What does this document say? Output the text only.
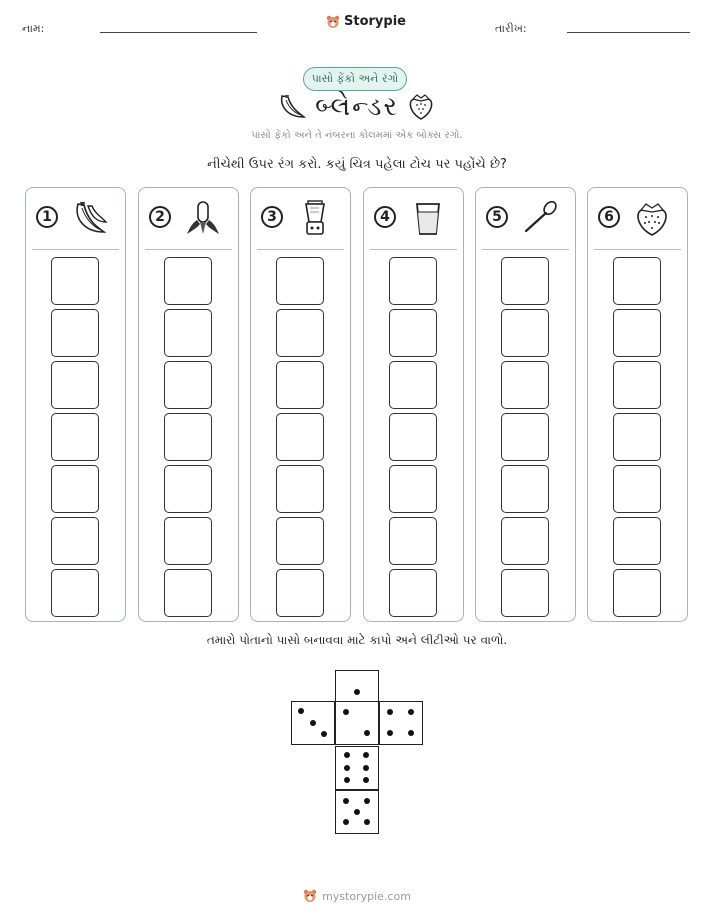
નામ:	Storypie	તારીખ:
પાસો ફેંકો અને રંગો
બ્લેન્ડર
પાસો ફેંકો અને તે નંબરના કોલમમાં એક બોક્સ રંગો.
નીચેથી ઉપર રંગ કરો. કયું ચિત્ર પહેલા ટોચ પર પહોંચે છે?
1	2	3	4	5	6
તમારો પોતાનો પાસો બનાવવા માટે કાપો અને લીટીઓ પર વાળો.
mystorypie.com
